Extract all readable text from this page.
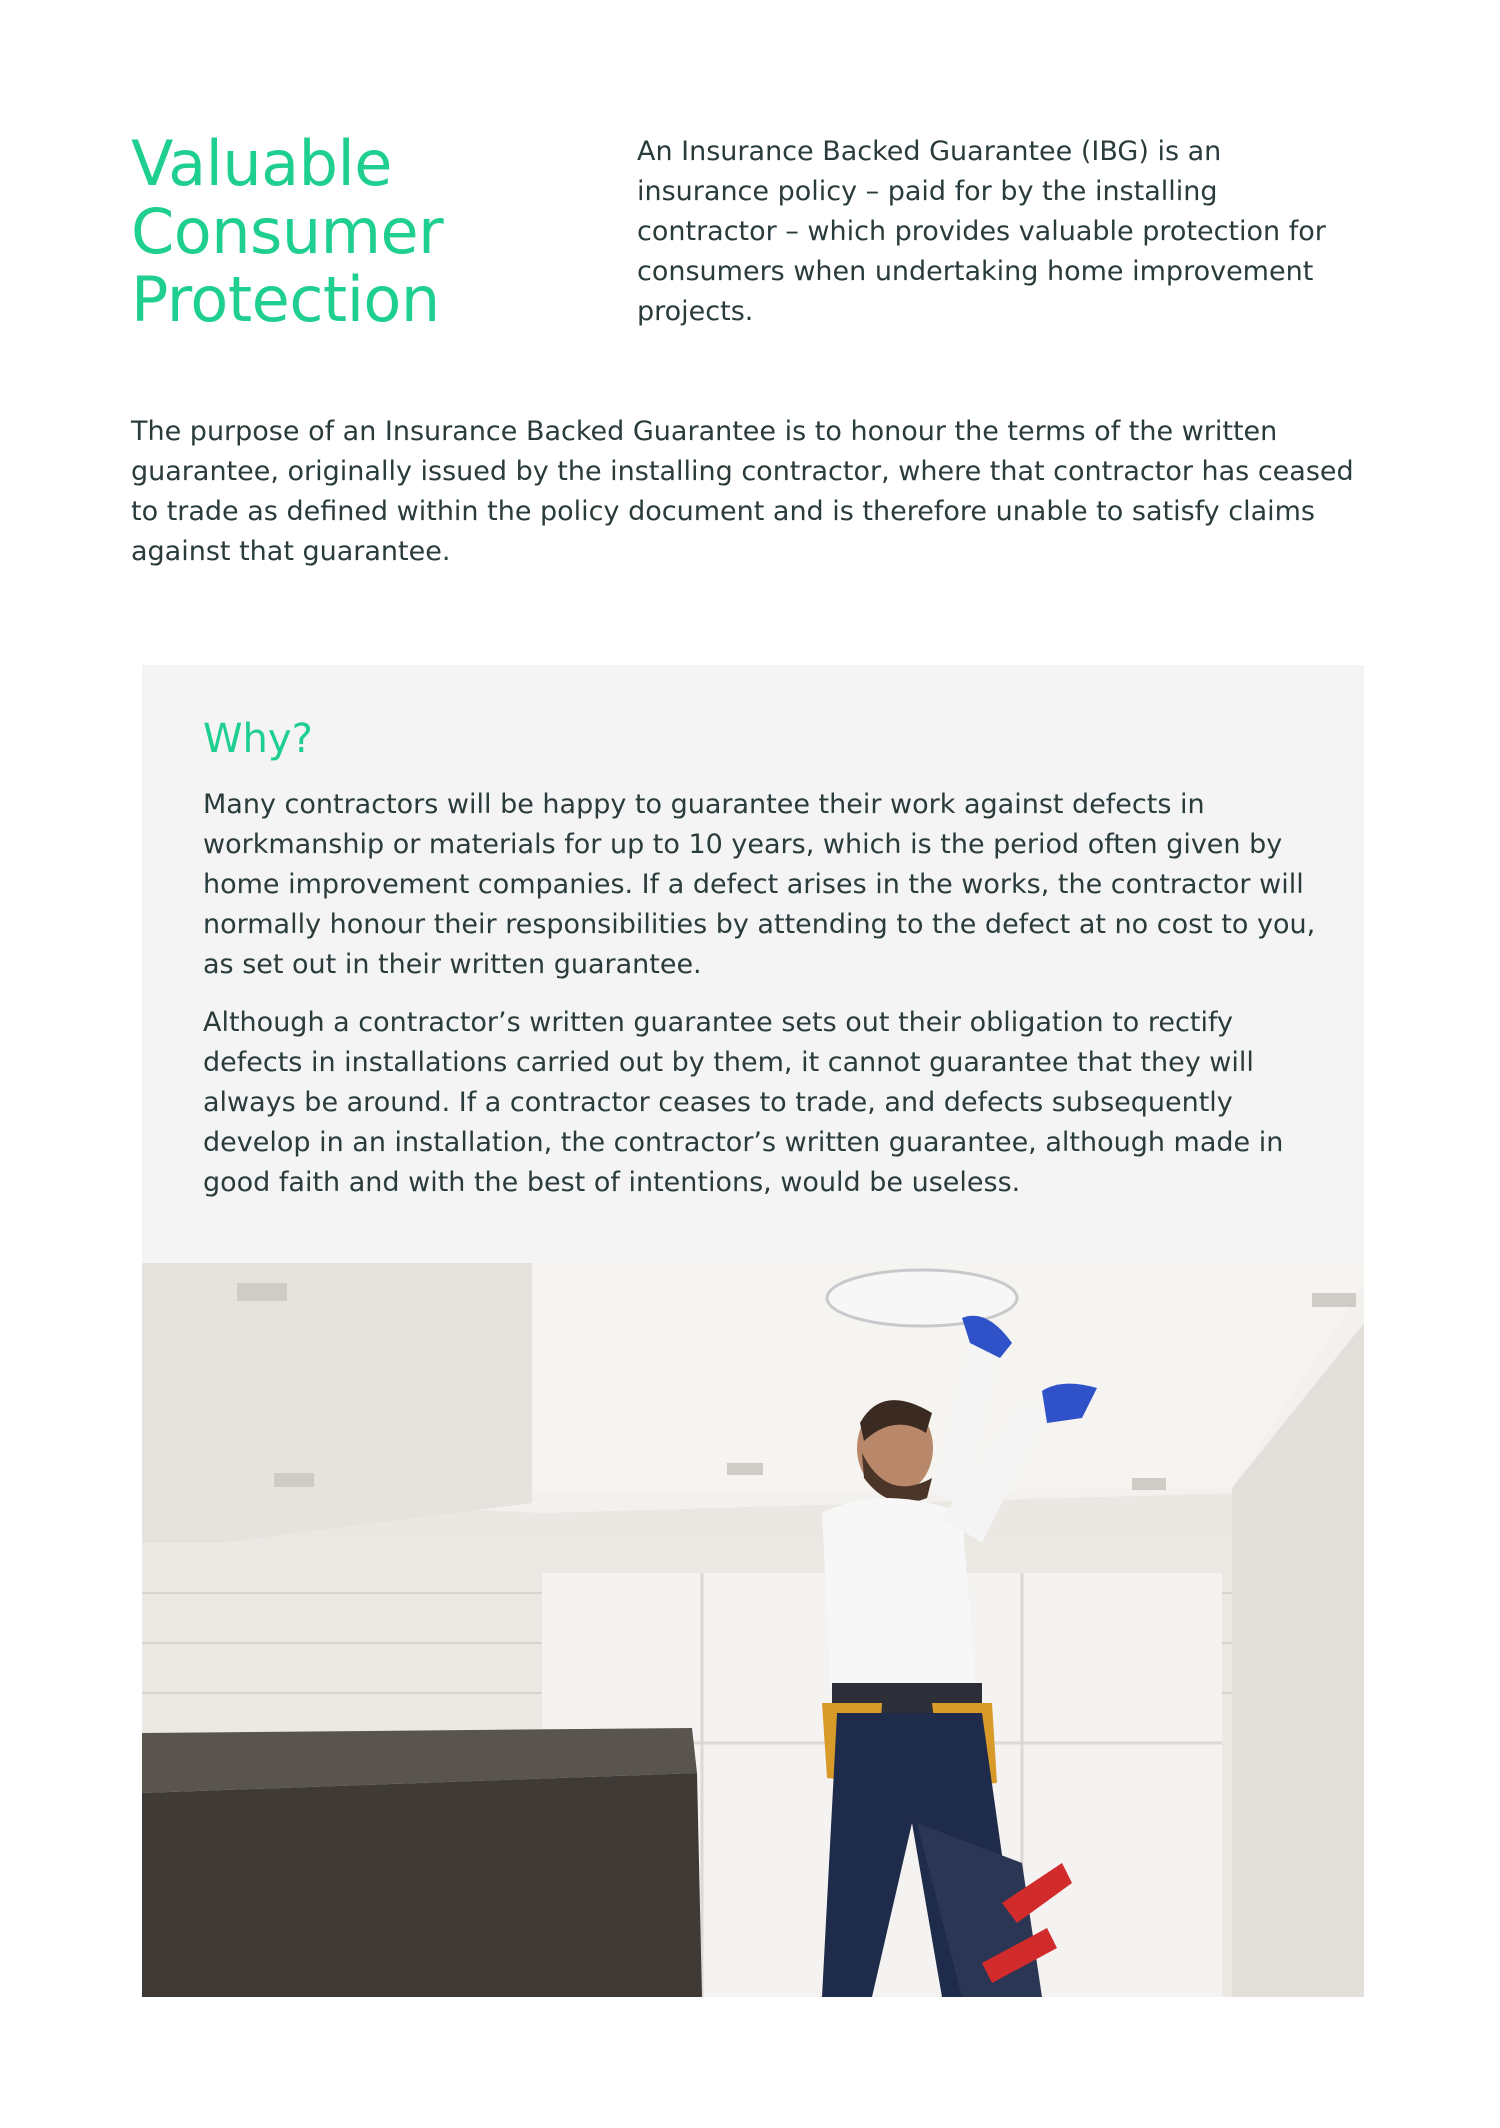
Valuable
Consumer
Protection

An Insurance Backed Guarantee (IBG) is an insurance policy – paid for by the installing contractor – which provides valuable protection for consumers when undertaking home improvement projects.

The purpose of an Insurance Backed Guarantee is to honour the terms of the written guarantee, originally issued by the installing contractor, where that contractor has ceased to trade as defined within the policy document and is therefore unable to satisfy claims against that guarantee.

Why?

Many contractors will be happy to guarantee their work against defects in workmanship or materials for up to 10 years, which is the period often given by home improvement companies. If a defect arises in the works, the contractor will normally honour their responsibilities by attending to the defect at no cost to you, as set out in their written guarantee.

Although a contractor’s written guarantee sets out their obligation to rectify defects in installations carried out by them, it cannot guarantee that they will always be around. If a contractor ceases to trade, and defects subsequently develop in an installation, the contractor’s written guarantee, although made in good faith and with the best of intentions, would be useless.
